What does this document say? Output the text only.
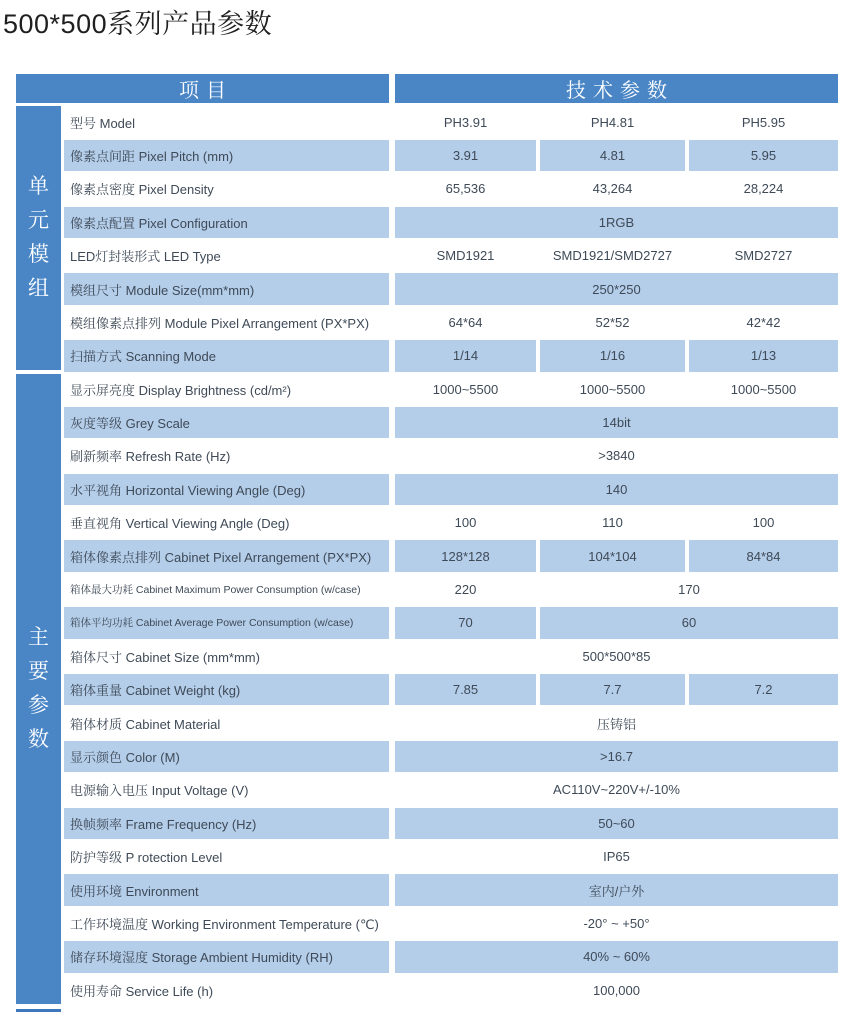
500*500系列产品参数
项目	技术参数
单
元
模
组
主
要
参
数
型号 Model	PH3.91	PH4.81	PH5.95
像素点间距 Pixel Pitch (mm)	3.91	4.81	5.95
像素点密度 Pixel Density	65,536	43,264	28,224
像素点配置 Pixel Configuration	1RGB
LED灯封装形式 LED Type	SMD1921	SMD1921/SMD2727	SMD2727
模组尺寸 Module Size(mm*mm)	250*250
模组像素点排列 Module Pixel Arrangement (PX*PX)	64*64	52*52	42*42
扫描方式 Scanning Mode	1/14	1/16	1/13
显示屏亮度 Display Brightness (cd/m²)	1000~5500	1000~5500	1000~5500
灰度等级 Grey Scale	14bit
刷新频率 Refresh Rate (Hz)	>3840
水平视角 Horizontal Viewing Angle (Deg)	140
垂直视角 Vertical Viewing Angle (Deg)	100	110	100
箱体像素点排列 Cabinet Pixel Arrangement (PX*PX)	128*128	104*104	84*84
箱体最大功耗 Cabinet Maximum Power Consumption (w/case)	220	170
箱体平均功耗 Cabinet Average Power Consumption (w/case)	70	60
箱体尺寸 Cabinet Size (mm*mm)	500*500*85
箱体重量 Cabinet Weight (kg)	7.85	7.7	7.2
箱体材质 Cabinet Material	压铸铝
显示颜色 Color (M)	>16.7
电源输入电压 Input Voltage (V)	AC110V~220V+/-10%
换帧频率 Frame Frequency (Hz)	50~60
防护等级 P rotection Level	IP65
使用环境 Environment	室内/户外
工作环境温度 Working Environment Temperature (℃)	-20° ~ +50°
储存环境湿度 Storage Ambient Humidity (RH)	40% ~ 60%
使用寿命 Service Life (h)	100,000
